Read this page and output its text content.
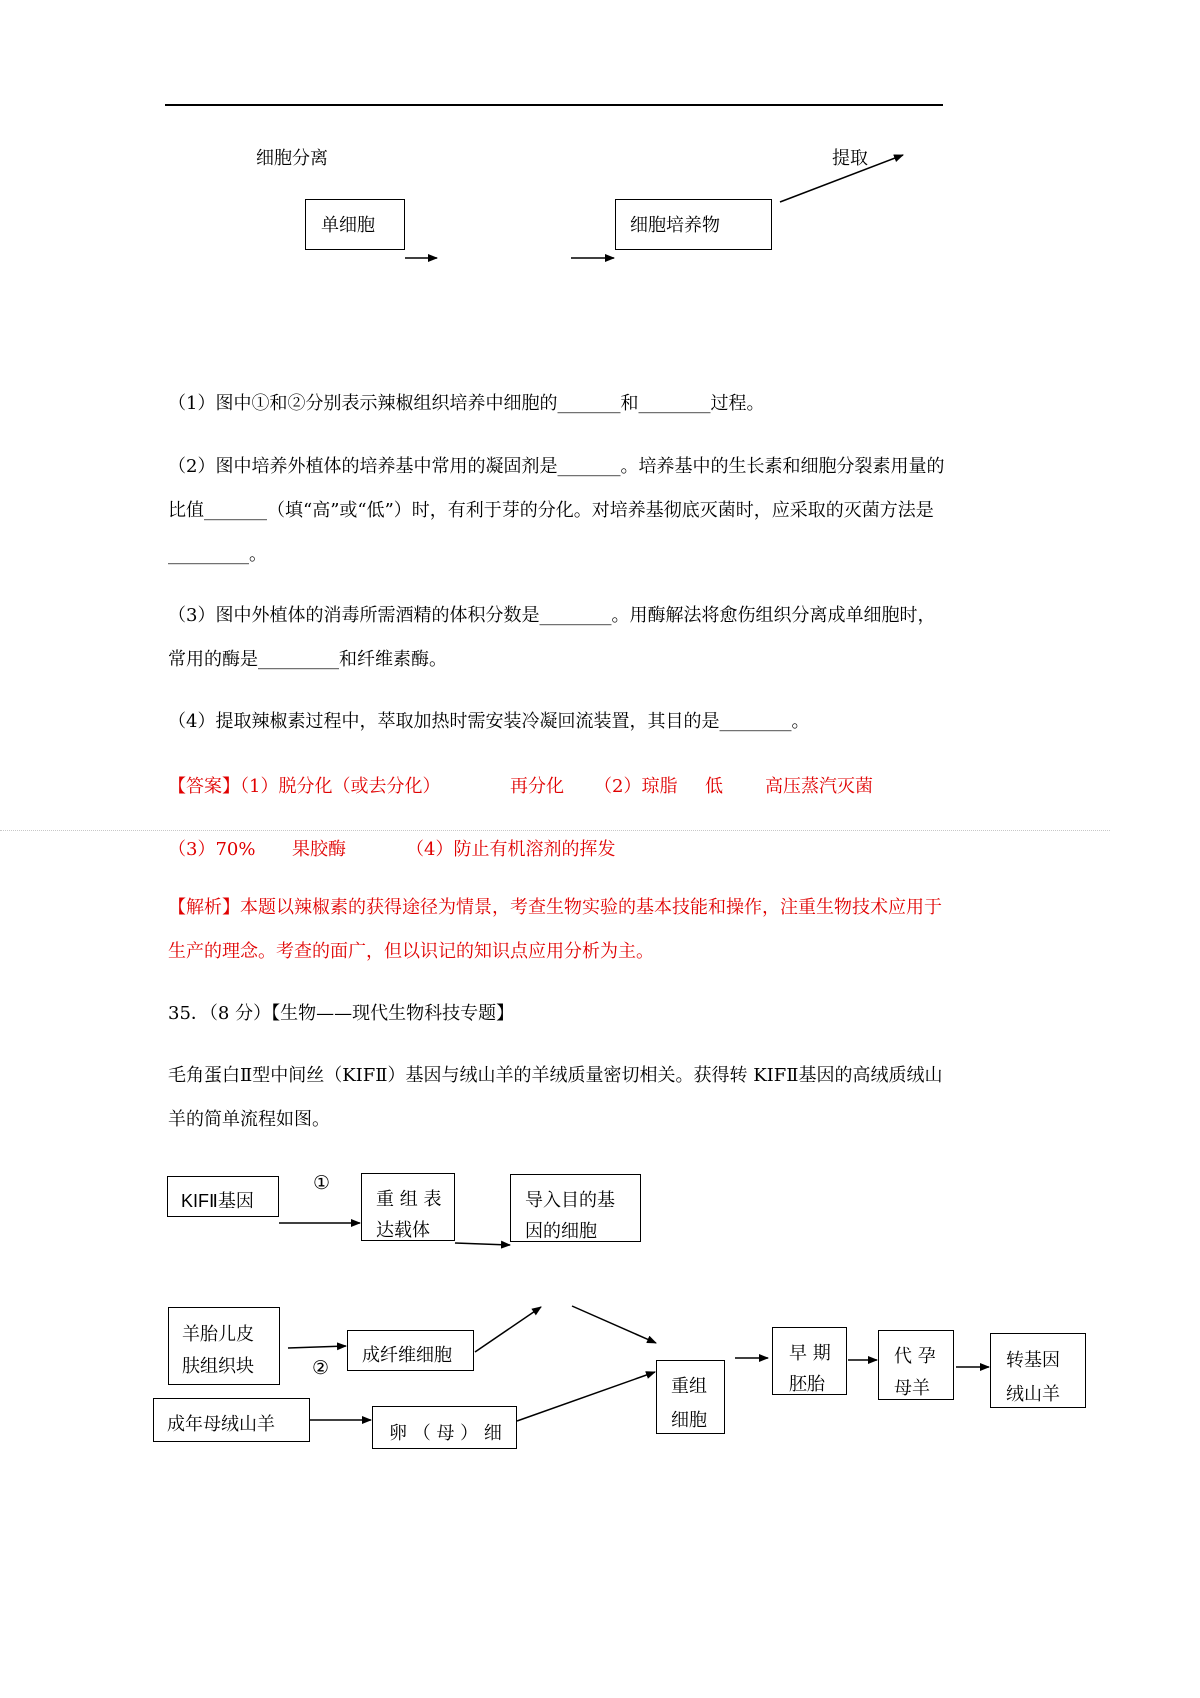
细胞分离	提取
单细胞	细胞培养物
（1）图中①和②分别表示辣椒组织培养中细胞的_______和________过程。
（2）图中培养外植体的培养基中常用的凝固剂是_______。培养基中的生长素和细胞分裂素用量的比值_______（填“高”或“低”）时，有利于芽的分化。对培养基彻底灭菌时，应采取的灭菌方法是_________。
（3）图中外植体的消毒所需酒精的体积分数是________。用酶解法将愈伤组织分离成单细胞时，常用的酶是_________和纤维素酶。
（4）提取辣椒素过程中，萃取加热时需安装冷凝回流装置，其目的是________。
【答案】（1）脱分化（或去分化）	再分化 （2）琼脂 低 高压蒸汽灭菌
（3）70% 果胶酶	（4）防止有机溶剂的挥发
【解析】本题以辣椒素的获得途径为情景，考查生物实验的基本技能和操作，注重生物技术应用于生产的理念。考查的面广，但以识记的知识点应用分析为主。
35．（8 分）【生物——现代生物科技专题】
毛角蛋白Ⅱ型中间丝（KIFⅡ）基因与绒山羊的羊绒质量密切相关。获得转 KIFⅡ基因的高绒质绒山羊的简单流程如图。
KIFⅡ基因
①
重 组 表
达载体
导入目的基
因的细胞
羊胎儿皮
肤组织块	②
成纤维细胞
成年母绒山羊	卵 （ 母 ） 细
重组
细胞
早 期
胚胎
代 孕
母羊
转基因
绒山羊
